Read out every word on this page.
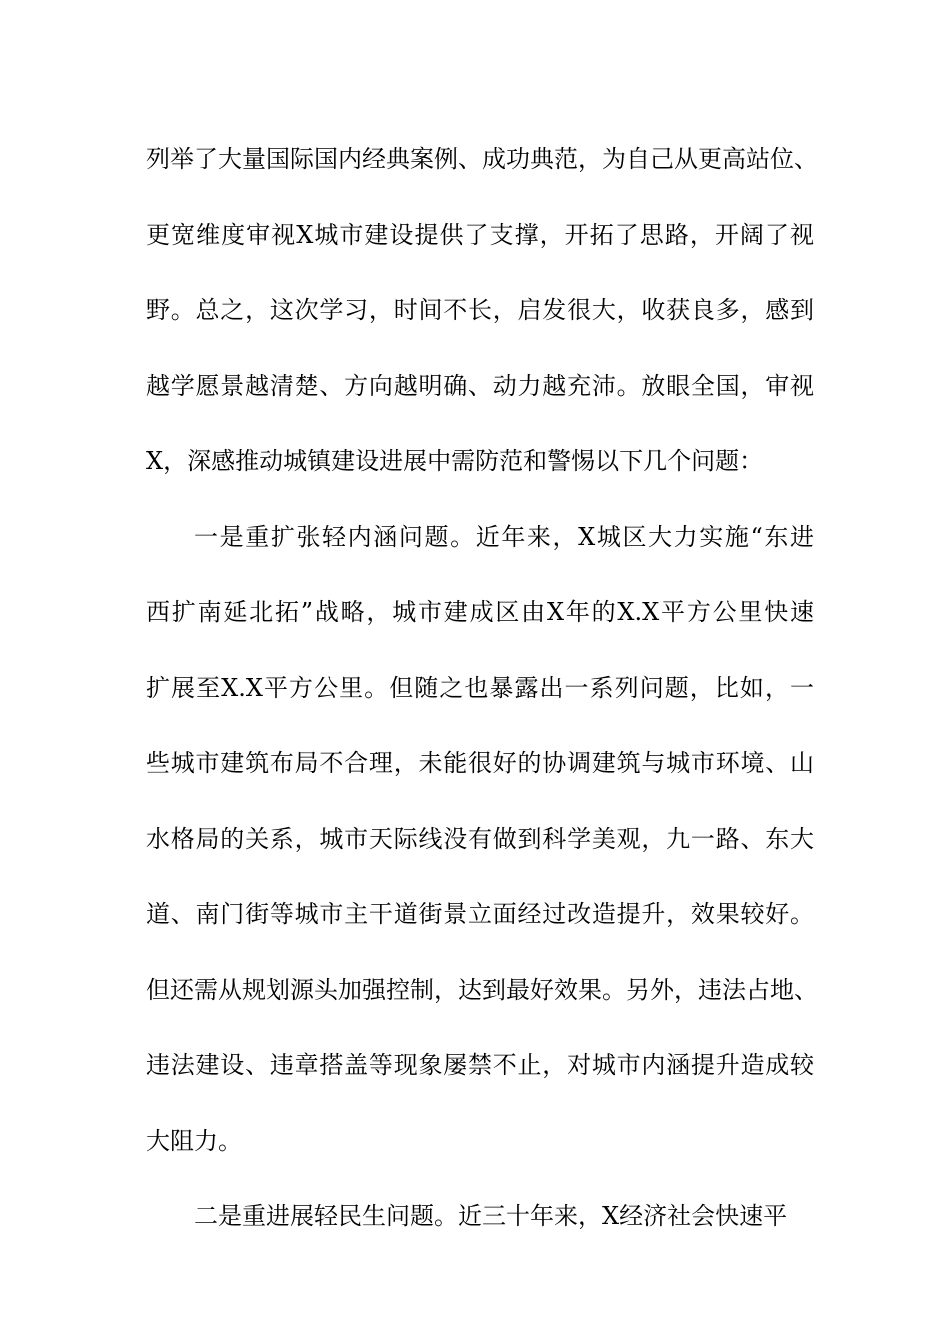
列举了大量国际国内经典案例、成功典范，为自己从更高站位、
更宽维度审视X城市建设提供了支撑，开拓了思路，开阔了视
野。总之，这次学习，时间不长，启发很大，收获良多，感到
越学愿景越清楚、方向越明确、动力越充沛。放眼全国，审视
X，深感推动城镇建设进展中需防范和警惕以下几个问题：
一是重扩张轻内涵问题。近年来，X城区大力实施“东进
西扩南延北拓”战略，城市建成区由X年的X.X平方公里快速
扩展至X.X平方公里。但随之也暴露出一系列问题，比如，一
些城市建筑布局不合理，未能很好的协调建筑与城市环境、山
水格局的关系，城市天际线没有做到科学美观，九一路、东大
道、南门街等城市主干道街景立面经过改造提升，效果较好。
但还需从规划源头加强控制，达到最好效果。另外，违法占地、
违法建设、违章搭盖等现象屡禁不止，对城市内涵提升造成较
大阻力。
二是重进展轻民生问题。近三十年来，X经济社会快速平
